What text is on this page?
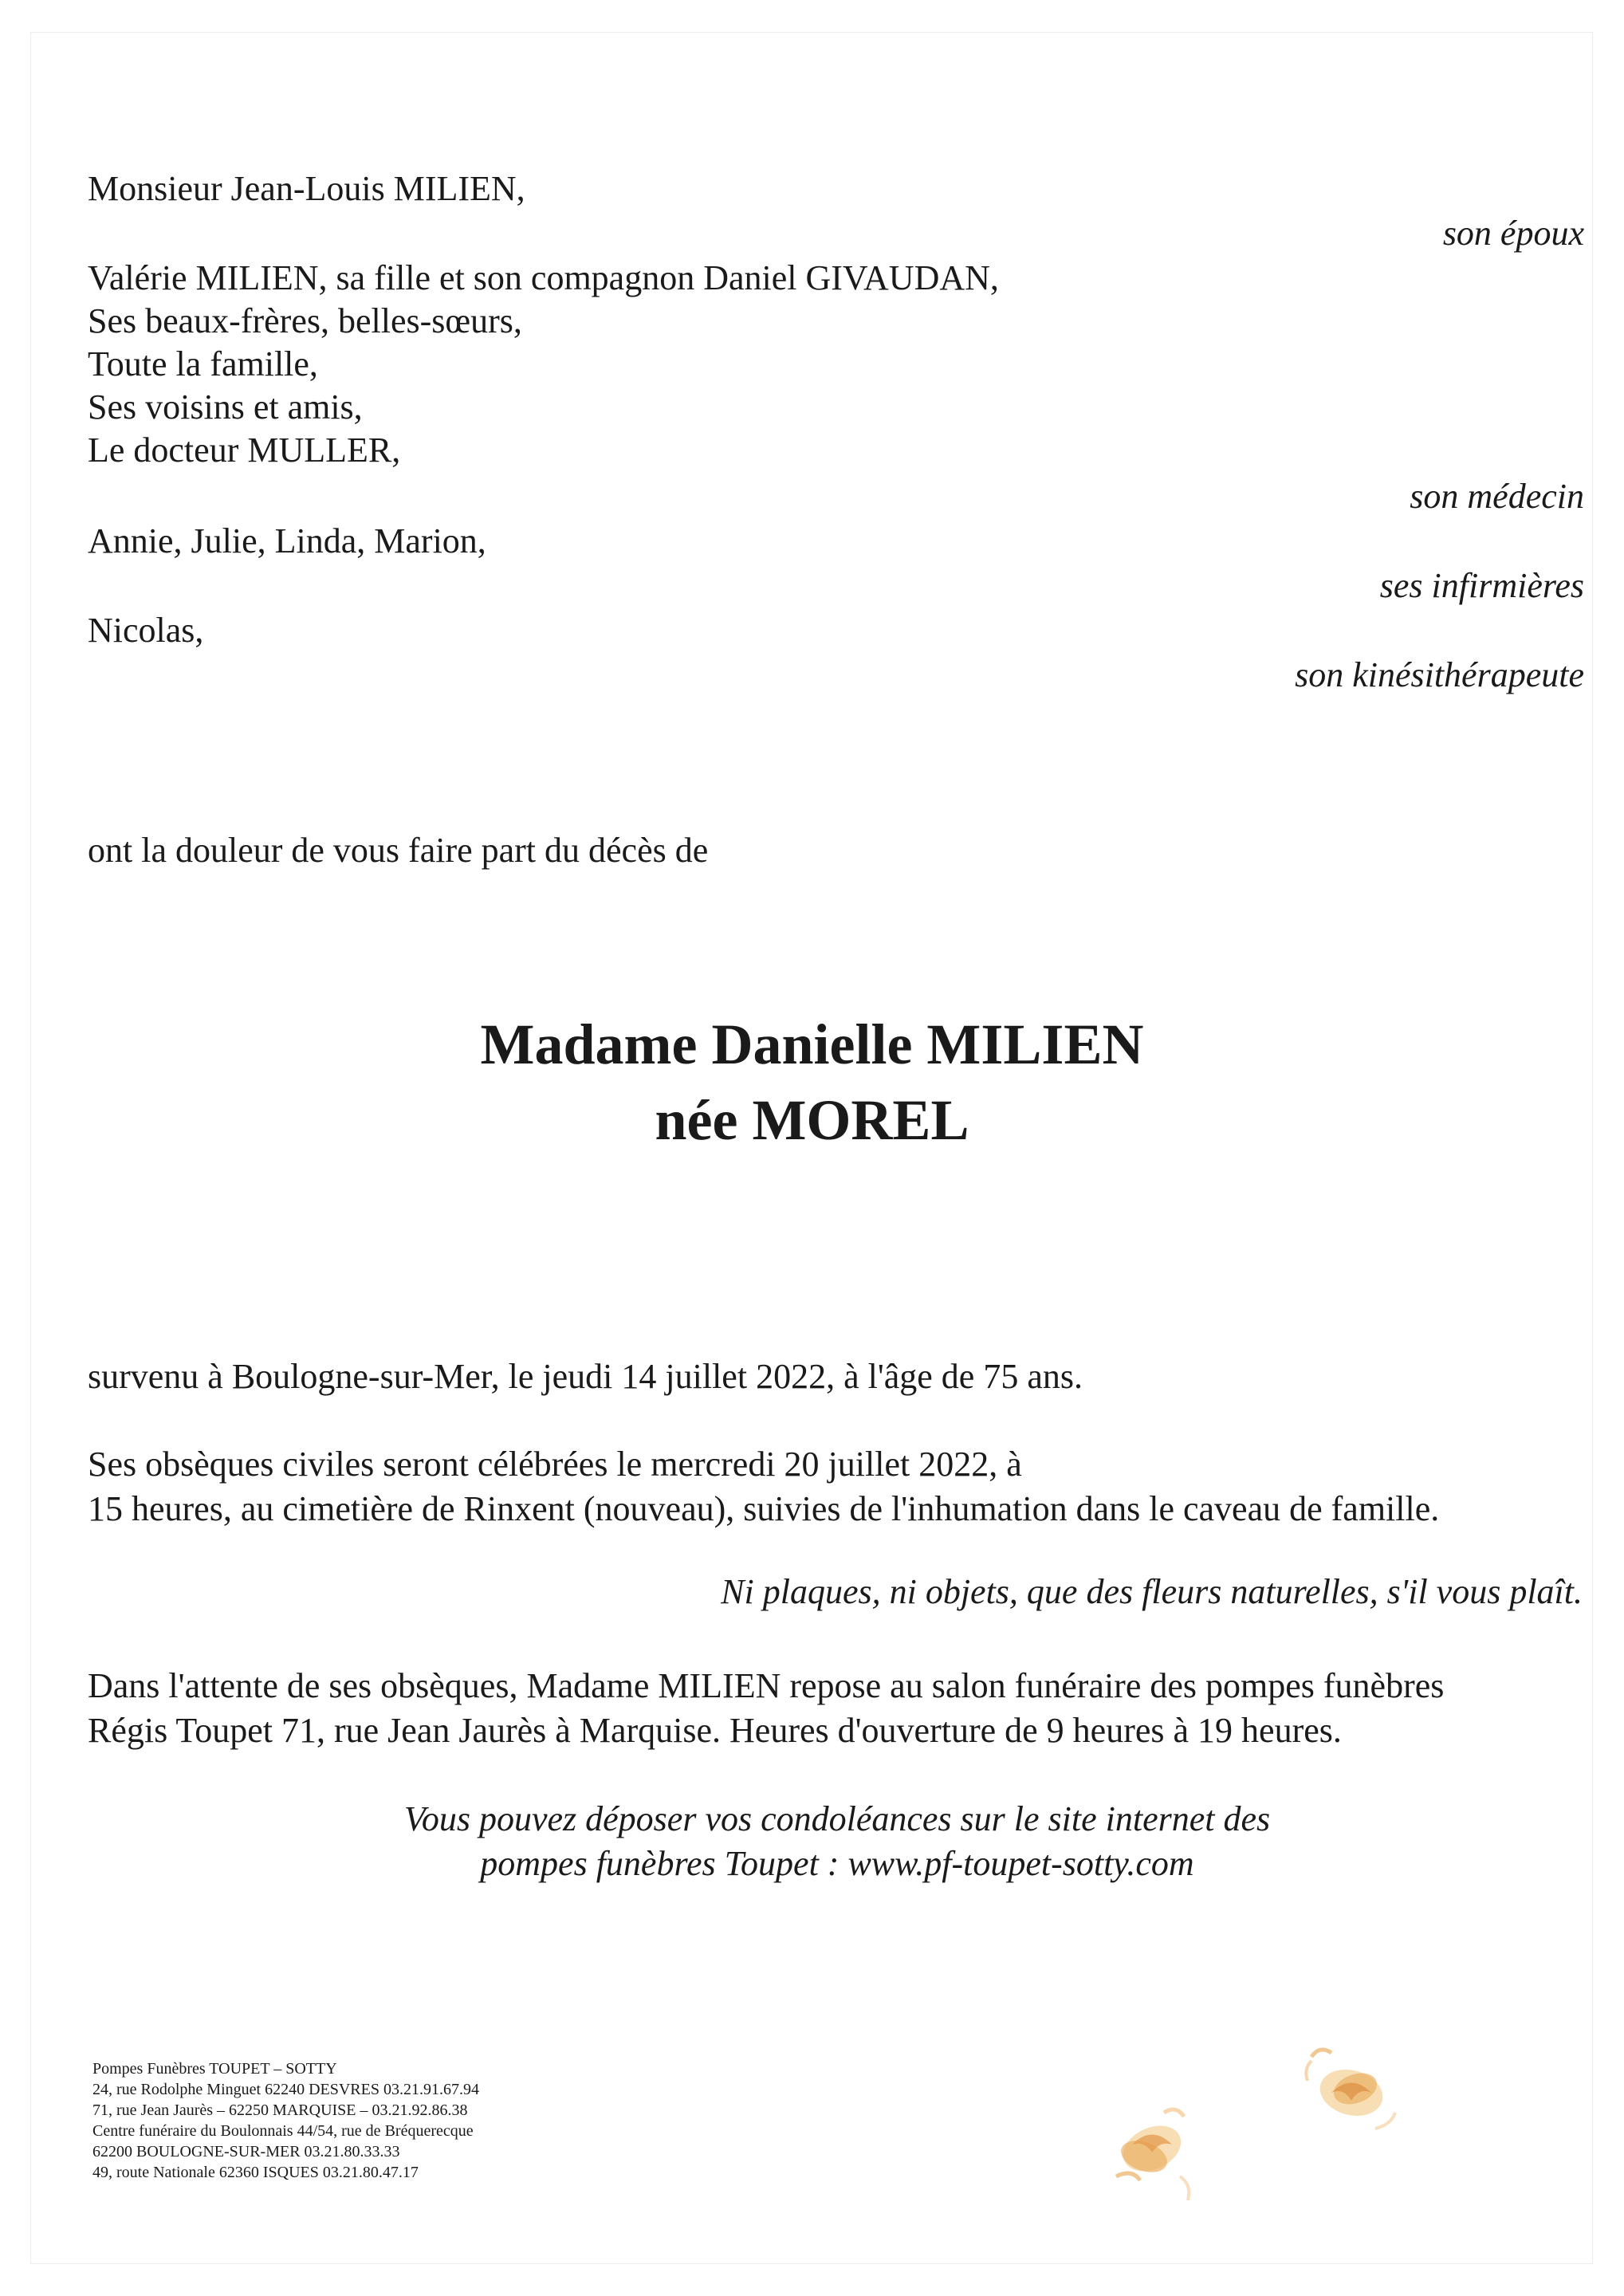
Monsieur Jean-Louis MILIEN,
son époux
Valérie MILIEN, sa fille et son compagnon Daniel GIVAUDAN,
Ses beaux-frères, belles-sœurs,
Toute la famille,
Ses voisins et amis,
Le docteur MULLER,
son médecin
Annie, Julie, Linda, Marion,
ses infirmières
Nicolas,
son kinésithérapeute
ont la douleur de vous faire part du décès de
Madame Danielle MILIEN
née MOREL
survenu à Boulogne-sur-Mer, le jeudi 14 juillet 2022, à l'âge de 75 ans.
Ses obsèques civiles seront célébrées le mercredi 20 juillet 2022, à
15 heures, au cimetière de Rinxent (nouveau), suivies de l'inhumation dans le caveau de famille.
Ni plaques, ni objets, que des fleurs naturelles, s'il vous plaît.
Dans l'attente de ses obsèques, Madame MILIEN repose au salon funéraire des pompes funèbres
Régis Toupet 71, rue Jean Jaurès à Marquise. Heures d'ouverture de 9 heures à 19 heures.
Vous pouvez déposer vos condoléances sur le site internet des
pompes funèbres Toupet : www.pf-toupet-sotty.com
Pompes Funèbres TOUPET – SOTTY
24, rue Rodolphe Minguet 62240 DESVRES 03.21.91.67.94
71, rue Jean Jaurès – 62250 MARQUISE – 03.21.92.86.38
Centre funéraire du Boulonnais 44/54, rue de Bréquerecque
62200 BOULOGNE-SUR-MER 03.21.80.33.33
49, route Nationale 62360 ISQUES 03.21.80.47.17
